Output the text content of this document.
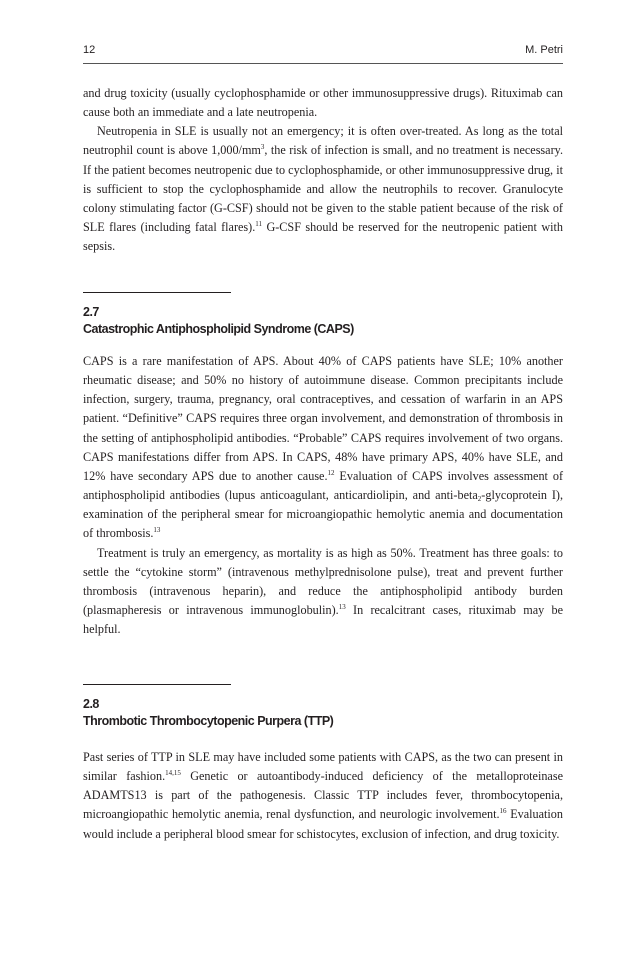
12	M. Petri

and drug toxicity (usually cyclophosphamide or other immunosuppressive drugs). Rituximab can cause both an immediate and a late neutropenia.

Neutropenia in SLE is usually not an emergency; it is often over-treated. As long as the total neutrophil count is above $1,000/mm^3$, the risk of infection is small, and no treatment is necessary. If the patient becomes neutropenic due to cyclophosphamide, or other immunosuppressive drug, it is sufficient to stop the cyclophosphamide and allow the neutrophils to recover. Granulocyte colony stimulating factor (G-CSF) should not be given to the stable patient because of the risk of SLE flares (including fatal flares).$^{11}$ G-CSF should be reserved for the neutropenic patient with sepsis.

2.7
Catastrophic Antiphospholipid Syndrome (CAPS)

CAPS is a rare manifestation of APS. About 40% of CAPS patients have SLE; 10% another rheumatic disease; and 50% no history of autoimmune disease. Common precipitants include infection, surgery, trauma, pregnancy, oral contraceptives, and cessation of warfarin in an APS patient. “Definitive” CAPS requires three organ involvement, and demonstration of thrombosis in the setting of antiphospholipid antibodies. “Probable” CAPS requires involvement of two organs. CAPS manifestations differ from APS. In CAPS, 48% have primary APS, 40% have SLE, and 12% have secondary APS due to another cause.$^{12}$ Evaluation of CAPS involves assessment of antiphospholipid antibodies (lupus anticoagulant, anticardiolipin, and anti-beta$_2$-glycoprotein I), examination of the peripheral smear for microangiopathic hemolytic anemia and documentation of thrombosis.$^{13}$

Treatment is truly an emergency, as mortality is as high as 50%. Treatment has three goals: to settle the “cytokine storm” (intravenous methylprednisolone pulse), treat and prevent further thrombosis (intravenous heparin), and reduce the antiphospholipid antibody burden (plasmapheresis or intravenous immunoglobulin).$^{13}$ In recalcitrant cases, rituximab may be helpful.

2.8
Thrombotic Thrombocytopenic Purpera (TTP)

Past series of TTP in SLE may have included some patients with CAPS, as the two can present in similar fashion.$^{14,15}$ Genetic or autoantibody-induced deficiency of the metalloproteinase ADAMTS13 is part of the pathogenesis. Classic TTP includes fever, thrombocytopenia, microangiopathic hemolytic anemia, renal dysfunction, and neurologic involvement.$^{16}$ Evaluation would include a peripheral blood smear for schistocytes, exclusion of infection, and drug toxicity.
